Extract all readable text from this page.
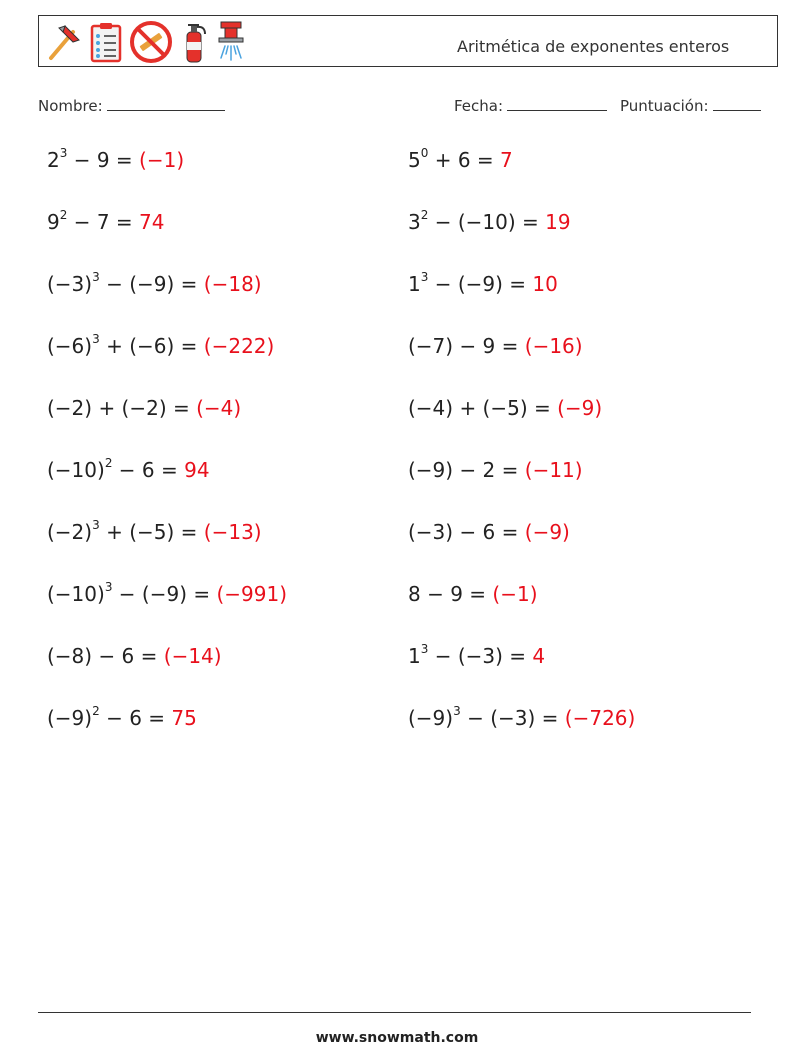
Aritmética de exponentes enteros
Nombre:	Fecha:	Puntuación:
$2^3 - 9 = (-1)$	$5^0 + 6 = 7$
$9^2 - 7 = 74$	$3^2 - (-10) = 19$
$(-3)^3 - (-9) = (-18)$	$1^3 - (-9) = 10$
$(-6)^3 + (-6) = (-222)$	(−7) − 9 = (−16)
(−2) + (−2) = (−4)	(−4) + (−5) = (−9)
$(-10)^2 - 6 = 94$	(−9) − 2 = (−11)
$(-2)^3 + (-5) = (-13)$	(−3) − 6 = (−9)
$(-10)^3 - (-9) = (-991)$	8 − 9 = (−1)
(−8) − 6 = (−14)	$1^3 - (-3) = 4$
$(-9)^2 - 6 = 75$	$(-9)^3 - (-3) = (-726)$
www.snowmath.com
